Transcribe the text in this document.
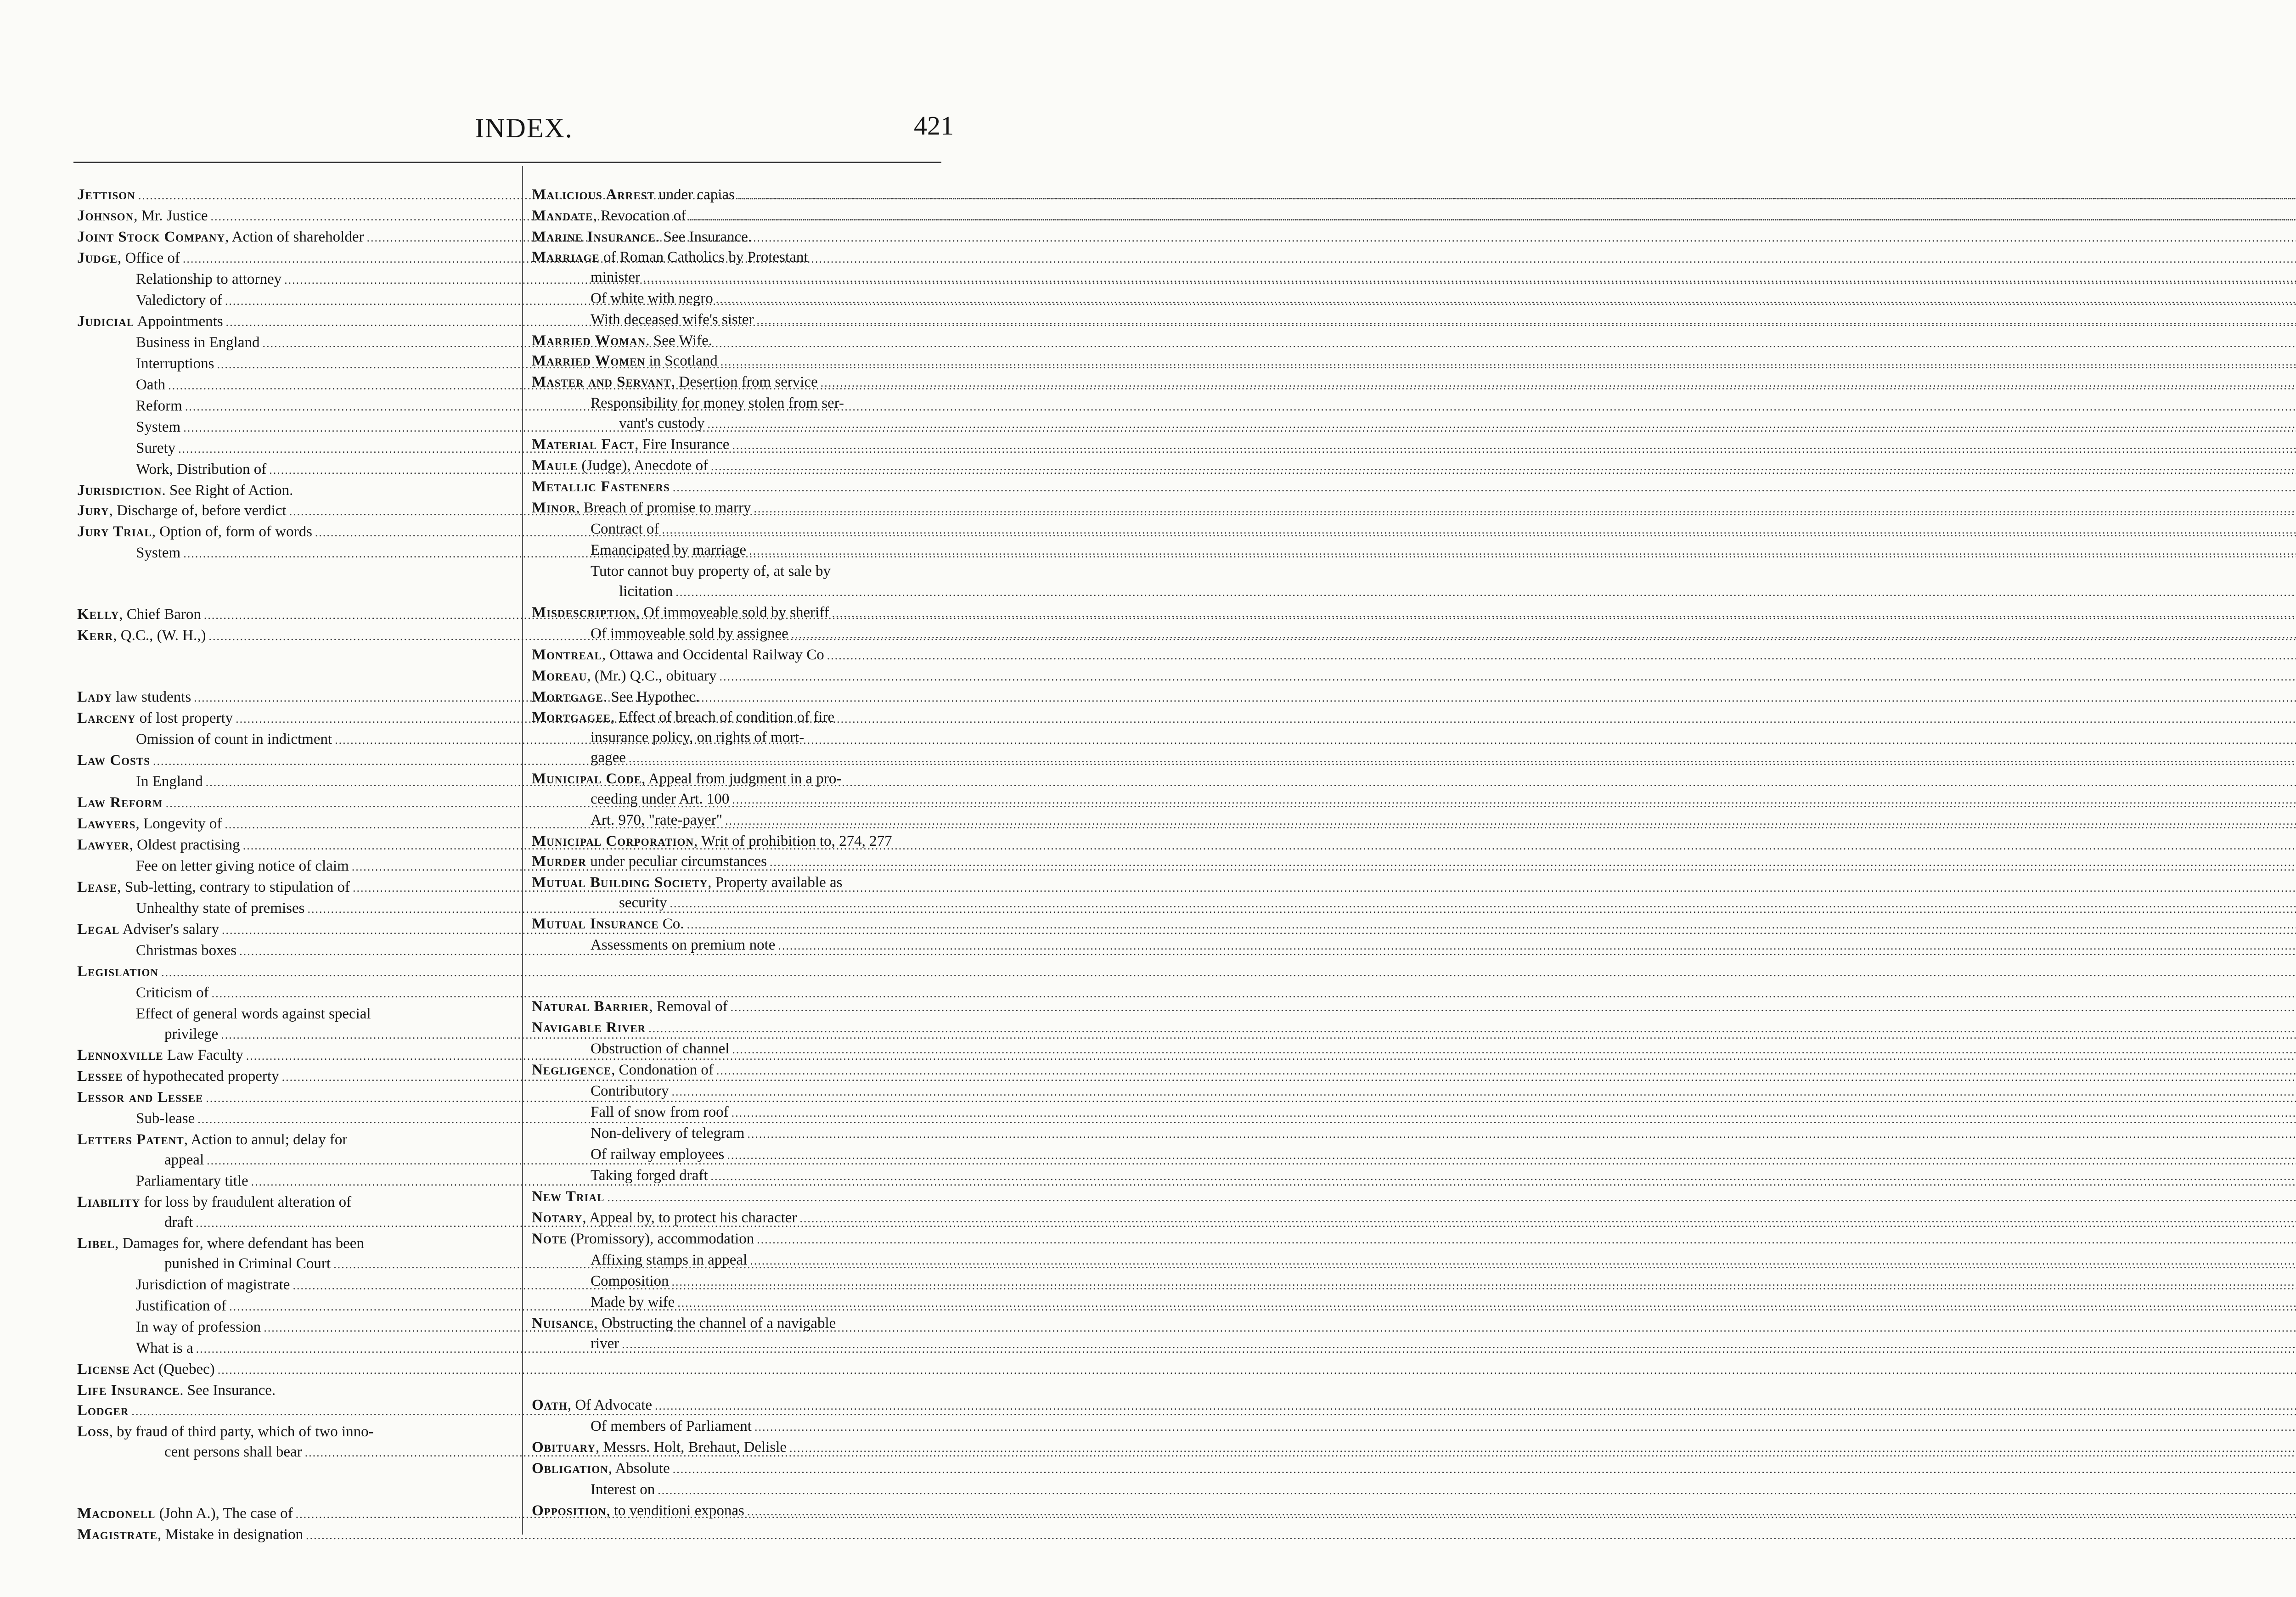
INDEX.	421
Jettison
.....
Johnson, Mr. Justice
.....
Joint Stock Company, Action of shareholder
.....
Judge, Office of
.....
Relationship to attorney
.....
Valedictory of
.....
Judicial Appointments
.....
Business in England
.....
Interruptions
.....
Oath
.....
Reform
.....
System
.....
Surety
.....
Work, Distribution of
.....
Jurisdiction. See Right of Action.
Jury, Discharge of, before verdict
.....
Jury Trial, Option of, form of words
.....
System
.....
Kelly, Chief Baron
.....
Kerr, Q.C., (W. H.,)
.....
Lady law students
.....
Larceny of lost property
.....
Omission of count in indictment
.....
Law Costs
.....
In England
.....
Law Reform
.....
Lawyers, Longevity of
.....
Lawyer, Oldest practising
.....
Fee on letter giving notice of claim
.....
Lease, Sub-letting, contrary to stipulation of
.....
Unhealthy state of premises
.....
Legal Adviser's salary
.....
Christmas boxes
.....
Legislation
.....
Criticism of
.....
Effect of general words against special
privilege
.....
Lennoxville Law Faculty
.....
Lessee of hypothecated property
.....
Lessor and Lessee
.....
Sub-lease
.....
Letters Patent, Action to annul; delay for
appeal
.....
Parliamentary title
.....
Liability for loss by fraudulent alteration of
draft
.....
Libel, Damages for, where defendant has been
punished in Criminal Court
.....
Jurisdiction of magistrate
.....
Justification of
.....
In way of profession
.....
What is a
.....
License Act (Quebec)
.....
Life Insurance. See Insurance.
Lodger
.....
Loss, by fraud of third party, which of two inno-
cent persons shall bear
.....
Macdonell (John A.), The case of
.....
Magistrate, Mistake in designation
.....
Malicious Arrest under capias
.....
Mandate, Revocation of
.....
Marine Insurance. See Insurance.
Marriage of Roman Catholics by Protestant
minister
.....
Of white with negro
.....
With deceased wife's sister
.....
Married Woman. See Wife.
Married Women in Scotland
.....
Master and Servant, Desertion from service
.....
Responsibility for money stolen from ser-
vant's custody
.....
Material Fact, Fire Insurance
.....
Maule (Judge), Anecdote of
.....
Metallic Fasteners
.....
Minor, Breach of promise to marry
.....
Contract of
.....
Emancipated by marriage
.....
Tutor cannot buy property of, at sale by
licitation
.....
Misdescription, Of immoveable sold by sheriff
.....
Of immoveable sold by assignee
.....
Montreal, Ottawa and Occidental Railway Co
.....
Moreau, (Mr.) Q.C., obituary
.....
Mortgage. See Hypothec.
Mortgagee, Effect of breach of condition of fire
insurance policy, on rights of mort-
gagee
.....
Municipal Code, Appeal from judgment in a pro-
ceeding under Art. 100
.....
Art. 970, "rate-payer"
.....
Municipal Corporation, Writ of prohibition to, 274, 277
Murder under peculiar circumstances
.....
Mutual Building Society, Property available as
security
.....
Mutual Insurance Co.
.....
Assessments on premium note
.....
Natural Barrier, Removal of
.....
Navigable River
.....
Obstruction of channel
.....
Negligence, Condonation of
.....
Contributory
.....
Fall of snow from roof
.....
Non-delivery of telegram
.....
Of railway employees
.....
Taking forged draft
.....
New Trial
.....
Notary, Appeal by, to protect his character
.....
Note (Promissory), accommodation
.....
Affixing stamps in appeal
.....
Composition
.....
Made by wife
.....
Nuisance, Obstructing the channel of a navigable
river
.....
Oath, Of Advocate
.....
Of members of Parliament
.....
Obituary, Messrs. Holt, Brehaut, Delisle
.....
Obligation, Absolute
.....
Interest on
.....
Opposition, to venditioni exponas
.....
